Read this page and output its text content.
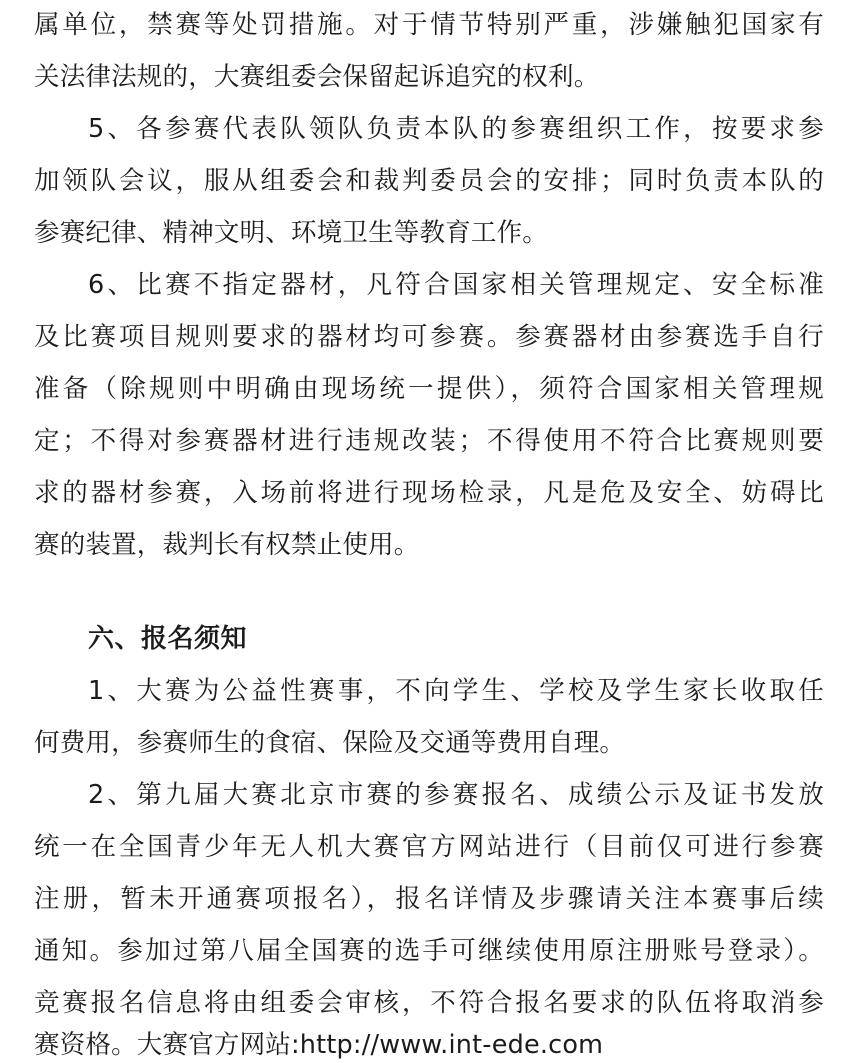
属单位，禁赛等处罚措施。对于情节特别严重，涉嫌触犯国家有
关法律法规的，大赛组委会保留起诉追究的权利。
5、各参赛代表队领队负责本队的参赛组织工作，按要求参
加领队会议，服从组委会和裁判委员会的安排；同时负责本队的
参赛纪律、精神文明、环境卫生等教育工作。
6、比赛不指定器材，凡符合国家相关管理规定、安全标准
及比赛项目规则要求的器材均可参赛。参赛器材由参赛选手自行
准备（除规则中明确由现场统一提供），须符合国家相关管理规
定；不得对参赛器材进行违规改装；不得使用不符合比赛规则要
求的器材参赛，入场前将进行现场检录，凡是危及安全、妨碍比
赛的装置，裁判长有权禁止使用。
六、报名须知
1、大赛为公益性赛事，不向学生、学校及学生家长收取任
何费用，参赛师生的食宿、保险及交通等费用自理。
2、第九届大赛北京市赛的参赛报名、成绩公示及证书发放
统一在全国青少年无人机大赛官方网站进行（目前仅可进行参赛
注册，暂未开通赛项报名），报名详情及步骤请关注本赛事后续
通知。参加过第八届全国赛的选手可继续使用原注册账号登录）。
竞赛报名信息将由组委会审核，不符合报名要求的队伍将取消参
赛资格。大赛官方网站:http://www.int-ede.com
